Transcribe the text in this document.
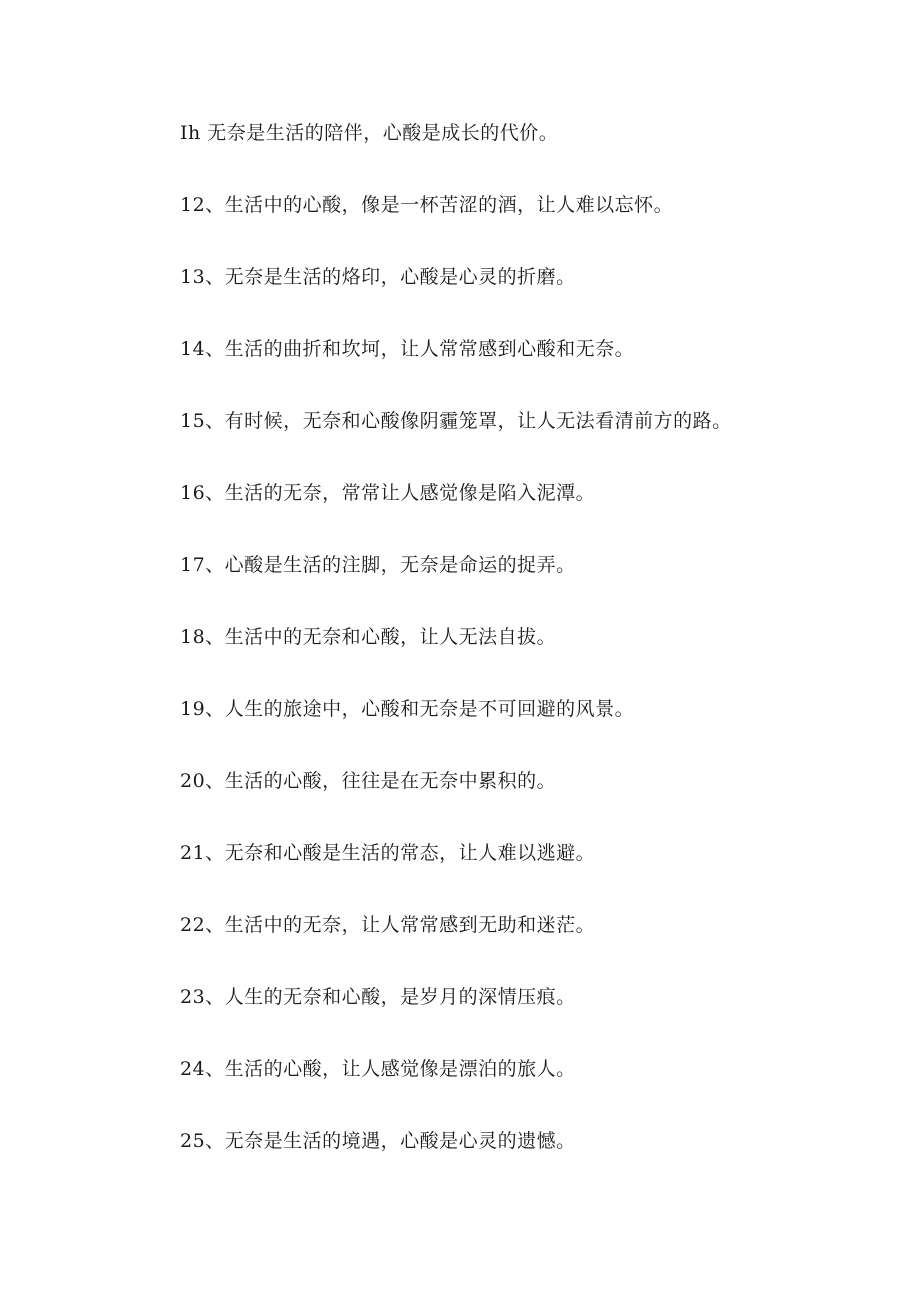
Ih 无奈是生活的陪伴，心酸是成长的代价。
12、生活中的心酸，像是一杯苦涩的酒，让人难以忘怀。
13、无奈是生活的烙印，心酸是心灵的折磨。
14、生活的曲折和坎坷，让人常常感到心酸和无奈。
15、有时候，无奈和心酸像阴霾笼罩，让人无法看清前方的路。
16、生活的无奈，常常让人感觉像是陷入泥潭。
17、心酸是生活的注脚，无奈是命运的捉弄。
18、生活中的无奈和心酸，让人无法自拔。
19、人生的旅途中，心酸和无奈是不可回避的风景。
20、生活的心酸，往往是在无奈中累积的。
21、无奈和心酸是生活的常态，让人难以逃避。
22、生活中的无奈，让人常常感到无助和迷茫。
23、人生的无奈和心酸，是岁月的深情压痕。
24、生活的心酸，让人感觉像是漂泊的旅人。
25、无奈是生活的境遇，心酸是心灵的遗憾。
